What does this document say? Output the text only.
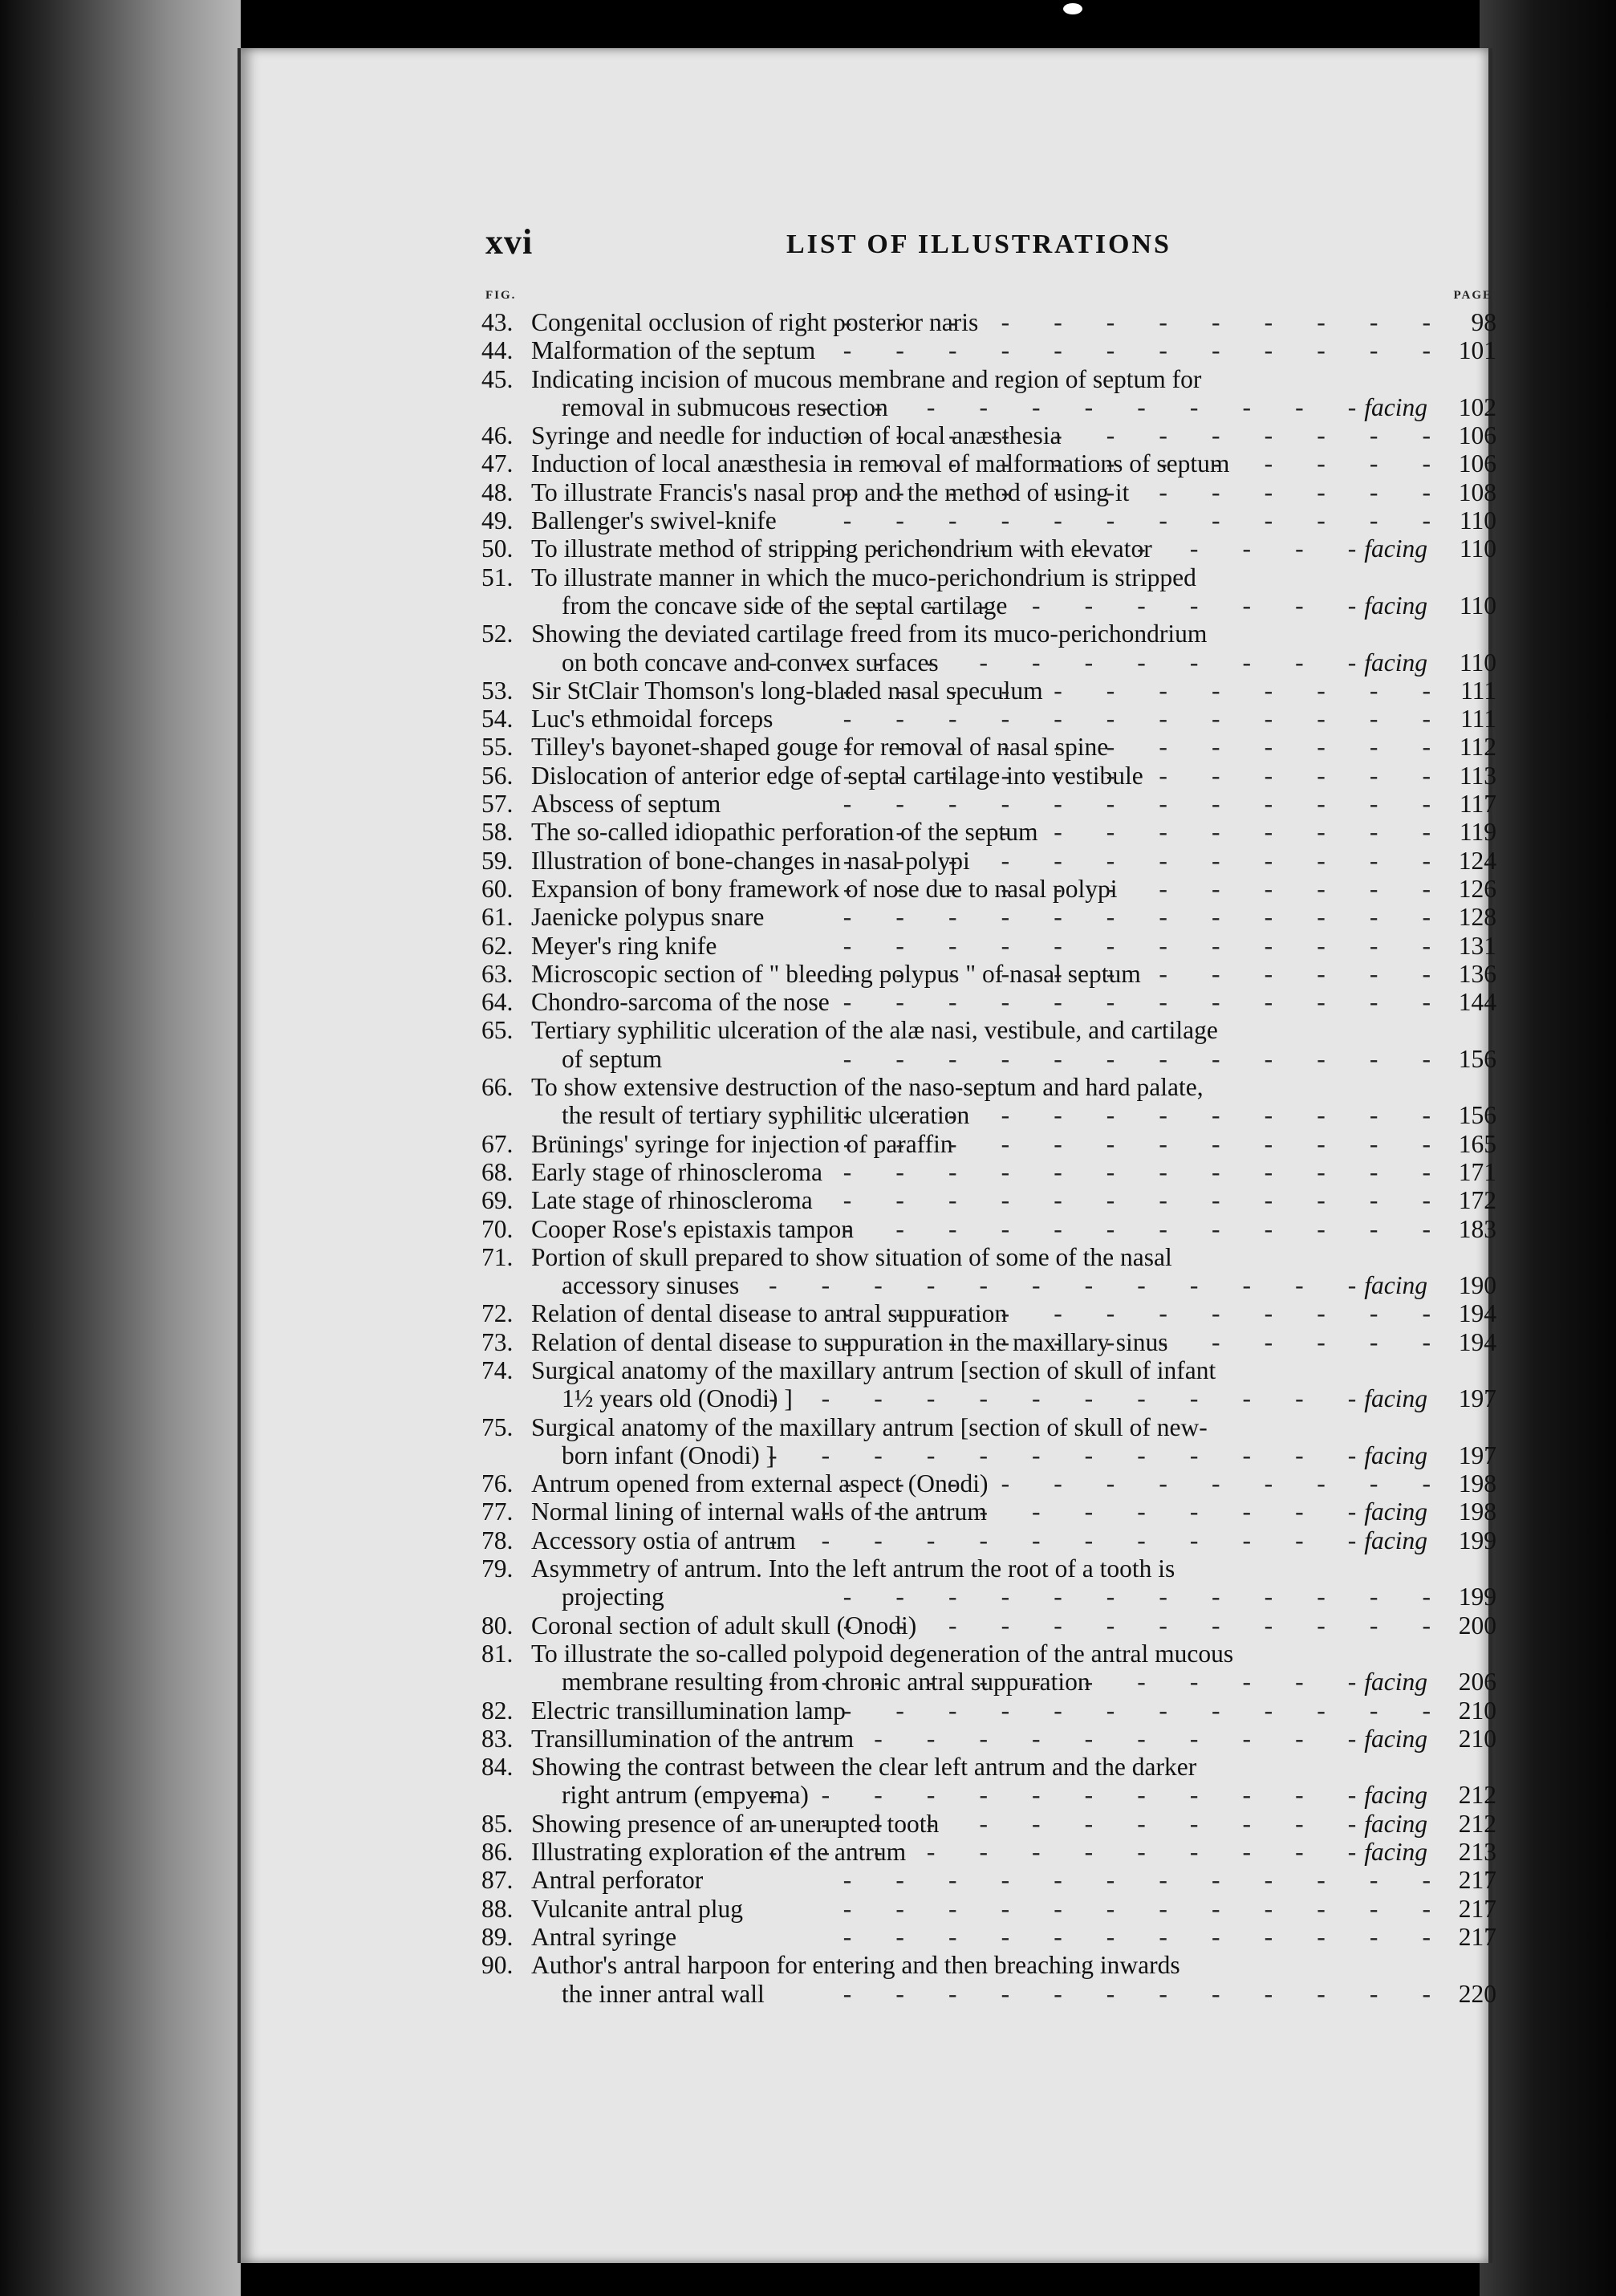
xvi	LIST OF ILLUSTRATIONS
FIG.	PAGE
43. Congenital occlusion of right posterior naris -	98
44. Malformation of the septum -	101
45. Indicating incision of mucous membrane and region of septum for
removal in submucous resection -	facing	102
46. Syringe and needle for induction of local anæsthesia -	106
47. Induction of local anæsthesia in removal of malformations of septum -	106
48. To illustrate Francis's nasal prop and the method of using it -	108
49. Ballenger's swivel-knife -	110
50. To illustrate method of stripping perichondrium with elevator -	facing	110
51. To illustrate manner in which the muco-perichondrium is stripped
from the concave side of the septal cartilage -	facing	110
52. Showing the deviated cartilage freed from its muco-perichondrium
on both concave and convex surfaces -	facing	110
53. Sir StClair Thomson's long-bladed nasal speculum -	111
54. Luc's ethmoidal forceps -	111
55. Tilley's bayonet-shaped gouge for removal of nasal spine -	112
56. Dislocation of anterior edge of septal cartilage into vestibule -	113
57. Abscess of septum -	117
58. The so-called idiopathic perforation of the septum -	119
59. Illustration of bone-changes in nasal polypi -	124
60. Expansion of bony framework of nose due to nasal polypi -	126
61. Jaenicke polypus snare -	128
62. Meyer's ring knife -	131
63. Microscopic section of " bleeding polypus " of nasal septum -	136
64. Chondro-sarcoma of the nose -	144
65. Tertiary syphilitic ulceration of the alæ nasi, vestibule, and cartilage
of septum -	156
66. To show extensive destruction of the naso-septum and hard palate,
the result of tertiary syphilitic ulceration -	156
67. Brünings' syringe for injection of paraffin -	165
68. Early stage of rhinoscleroma -	171
69. Late stage of rhinoscleroma -	172
70. Cooper Rose's epistaxis tampon -	183
71. Portion of skull prepared to show situation of some of the nasal
accessory sinuses -	facing	190
72. Relation of dental disease to antral suppuration -	194
73. Relation of dental disease to suppuration in the maxillary sinus -	194
74. Surgical anatomy of the maxillary antrum [section of skull of infant
1½ years old (Onodi) ] -	facing	197
75. Surgical anatomy of the maxillary antrum [section of skull of new-
born infant (Onodi) ] -	facing	197
76. Antrum opened from external aspect (Onodi) -	198
77. Normal lining of internal walls of the antrum -	facing	198
78. Accessory ostia of antrum -	facing	199
79. Asymmetry of antrum. Into the left antrum the root of a tooth is
projecting -	199
80. Coronal section of adult skull (Onodi) -	200
81. To illustrate the so-called polypoid degeneration of the antral mucous
membrane resulting from chronic antral suppuration -	facing	206
82. Electric transillumination lamp -	210
83. Transillumination of the antrum -	facing	210
84. Showing the contrast between the clear left antrum and the darker
right antrum (empyema) -	facing	212
85. Showing presence of an unerupted tooth -	facing	212
86. Illustrating exploration of the antrum -	facing	213
87. Antral perforator -	217
88. Vulcanite antral plug -	217
89. Antral syringe -	217
90. Author's antral harpoon for entering and then breaching inwards
the inner antral wall -	220
